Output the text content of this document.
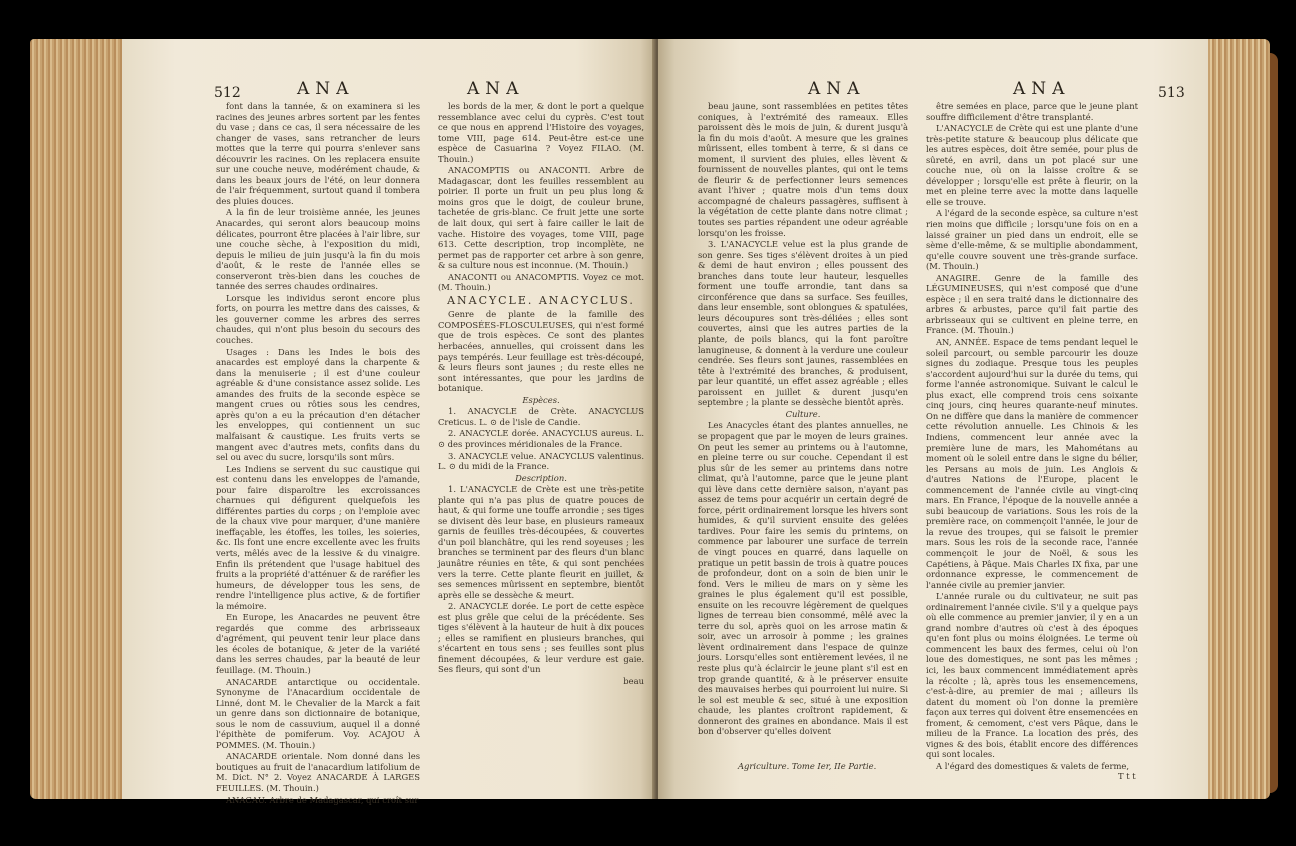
512	ANA	ANA

font dans la tannée, & on examinera si les racines des jeunes arbres sortent par les fentes du vase ; dans ce cas, il sera nécessaire de les changer de vases, sans retrancher de leurs mottes que la terre qui pourra s'enlever sans découvrir les racines. On les replacera ensuite sur une couche neuve, modérément chaude, & dans les beaux jours de l'été, on leur donnera de l'air fréquemment, surtout quand il tombera des pluies douces.

A la fin de leur troisième année, les jeunes Anacardes, qui seront alors beaucoup moins délicates, pourront être placées à l'air libre, sur une couche sèche, à l'exposition du midi, depuis le milieu de juin jusqu'à la fin du mois d'août, & le reste de l'année elles se conserveront très-bien dans les couches de tannée des serres chaudes ordinaires.

Lorsque les individus seront encore plus forts, on pourra les mettre dans des caisses, & les gouverner comme les arbres des serres chaudes, qui n'ont plus besoin du secours des couches.

Usages : Dans les Indes le bois des anacardes est employé dans la charpente & dans la menuiserie ; il est d'une couleur agréable & d'une consistance assez solide. Les amandes des fruits de la seconde espèce se mangent crues ou rôties sous les cendres, après qu'on a eu la précaution d'en détacher les enveloppes, qui contiennent un suc malfaisant & caustique. Les fruits verts se mangent avec d'autres mets, confits dans du sel ou avec du sucre, lorsqu'ils sont mûrs.

Les Indiens se servent du suc caustique qui est contenu dans les enveloppes de l'amande, pour faire disparoître les excroissances charnues qui défigurent quelquefois les différentes parties du corps ; on l'emploie avec de la chaux vive pour marquer, d'une manière ineffaçable, les étoffes, les toiles, les soieries, &c. Ils font une encre excellente avec les fruits verts, mêlés avec de la lessive & du vinaigre. Enfin ils prétendent que l'usage habituel des fruits a la propriété d'atténuer & de raréfier les humeurs, de développer tous les sens, de rendre l'intelligence plus active, & de fortifier la mémoire.

En Europe, les Anacardes ne peuvent être regardés que comme des arbrisseaux d'agrément, qui peuvent tenir leur place dans les écoles de botanique, & jeter de la variété dans les serres chaudes, par la beauté de leur feuillage. (M. Thouin.)

ANACARDE antarctique ou occidentale. Synonyme de l'Anacardium occidentale de Linné, dont M. le Chevalier de la Marck a fait un genre dans son dictionnaire de botanique, sous le nom de cassuvium, auquel il a donné l'épithète de pomiferum. Voy. ACAJOU À POMMES. (M. Thouin.)

ANACARDE orientale. Nom donné dans les boutiques au fruit de l'anacardium latifolium de M. Dict. N° 2. Voyez ANACARDE À LARGES FEUILLES. (M. Thouin.)

ANACAU. Arbre de Madagascar, qui croît sur

les bords de la mer, & dont le port a quelque ressemblance avec celui du cyprès. C'est tout ce que nous en apprend l'Histoire des voyages, tome VIII, page 614. Peut-être est-ce une espèce de Casuarina ? Voyez FILAO. (M. Thouin.)

ANACOMPTIS ou ANACONTI. Arbre de Madagascar, dont les feuilles ressemblent au poirier. Il porte un fruit un peu plus long & moins gros que le doigt, de couleur brune, tachetée de gris-blanc. Ce fruit jette une sorte de lait doux, qui sert à faire cailler le lait de vache. Histoire des voyages, tome VIII, page 613. Cette description, trop incomplète, ne permet pas de rapporter cet arbre à son genre, & sa culture nous est inconnue. (M. Thouin.)

ANACONTI ou ANACOMPTIS. Voyez ce mot. (M. Thouin.)

ANACYCLE. ANACYCLUS.

Genre de plante de la famille des COMPOSÉES-FLOSCULEUSES, qui n'est formé que de trois espèces. Ce sont des plantes herbacées, annuelles, qui croissent dans les pays tempérés. Leur feuillage est très-découpé, & leurs fleurs sont jaunes ; du reste elles ne sont intéressantes, que pour les jardins de botanique.

Espèces.

1. ANACYCLE de Crète. ANACYCLUS Creticus. L. ⊙ de l'isle de Candie.

2. ANACYCLE dorée. ANACYCLUS aureus. L. ⊙ des provinces méridionales de la France.

3. ANACYCLE velue. ANACYCLUS valentinus. L. ⊙ du midi de la France.

Description.

1. L'ANACYCLE de Crète est une très-petite plante qui n'a pas plus de quatre pouces de haut, & qui forme une touffe arrondie ; ses tiges se divisent dès leur base, en plusieurs rameaux garnis de feuilles très-découpées, & couvertes d'un poil blanchâtre, qui les rend soyeuses ; les branches se terminent par des fleurs d'un blanc jaunâtre réunies en tête, & qui sont penchées vers la terre. Cette plante fleurit en juillet, & ses semences mûrissent en septembre, bientôt après elle se dessèche & meurt.

2. ANACYCLE dorée. Le port de cette espèce est plus grêle que celui de la précédente. Ses tiges s'élèvent à la hauteur de huit à dix pouces ; elles se ramifient en plusieurs branches, qui s'écartent en tous sens ; ses feuilles sont plus finement découpées, & leur verdure est gaie. Ses fleurs, qui sont d'un

beau

ANA	ANA	513

beau jaune, sont rassemblées en petites têtes coniques, à l'extrémité des rameaux. Elles paroissent dès le mois de juin, & durent jusqu'à la fin du mois d'août. A mesure que les graines mûrissent, elles tombent à terre, & si dans ce moment, il survient des pluies, elles lèvent & fournissent de nouvelles plantes, qui ont le tems de fleurir & de perfectionner leurs semences avant l'hiver ; quatre mois d'un tems doux accompagné de chaleurs passagères, suffisent à la végétation de cette plante dans notre climat ; toutes ses parties répandent une odeur agréable lorsqu'on les froisse.

3. L'ANACYCLE velue est la plus grande de son genre. Ses tiges s'élèvent droites à un pied & demi de haut environ ; elles poussent des branches dans toute leur hauteur, lesquelles forment une touffe arrondie, tant dans sa circonférence que dans sa surface. Ses feuilles, dans leur ensemble, sont oblongues & spatulées, leurs découpures sont très-déliées ; elles sont couvertes, ainsi que les autres parties de la plante, de poils blancs, qui la font paroître lanugineuse, & donnent à la verdure une couleur cendrée. Ses fleurs sont jaunes, rassemblées en tête à l'extrémité des branches, & produisent, par leur quantité, un effet assez agréable ; elles paroissent en juillet & durent jusqu'en septembre ; la plante se dessèche bientôt après.

Culture.

Les Anacycles étant des plantes annuelles, ne se propagent que par le moyen de leurs graines. On peut les semer au printems ou à l'automne, en pleine terre ou sur couche. Cependant il est plus sûr de les semer au printems dans notre climat, qu'à l'automne, parce que le jeune plant qui lève dans cette dernière saison, n'ayant pas assez de tems pour acquérir un certain degré de force, périt ordinairement lorsque les hivers sont humides, & qu'il survient ensuite des gelées tardives. Pour faire les semis du printems, on commence par labourer une surface de terrein de vingt pouces en quarré, dans laquelle on pratique un petit bassin de trois à quatre pouces de profondeur, dont on a soin de bien unir le fond. Vers le milieu de mars on y sème les graines le plus également qu'il est possible, ensuite on les recouvre légèrement de quelques lignes de terreau bien consommé, mêlé avec la terre du sol, après quoi on les arrose matin & soir, avec un arrosoir à pomme ; les graines lèvent ordinairement dans l'espace de quinze jours. Lorsqu'elles sont entièrement levées, il ne reste plus qu'à éclaircir le jeune plant s'il est en trop grande quantité, & à le préserver ensuite des mauvaises herbes qui pourroient lui nuire. Si le sol est meuble & sec, situé à une exposition chaude, les plantes croîtront rapidement, & donneront des graines en abondance. Mais il est bon d'observer qu'elles doivent

Agriculture. Tome Ier, IIe Partie.

être semées en place, parce que le jeune plant souffre difficilement d'être transplanté.

L'ANACYCLE de Crète qui est une plante d'une très-petite stature & beaucoup plus délicate que les autres espèces, doit être semée, pour plus de sûreté, en avril, dans un pot placé sur une couche nue, où on la laisse croître & se développer ; lorsqu'elle est prête à fleurir, on la met en pleine terre avec la motte dans laquelle elle se trouve.

A l'égard de la seconde espèce, sa culture n'est rien moins que difficile ; lorsqu'une fois on en a laissé grainer un pied dans un endroit, elle se sème d'elle-même, & se multiplie abondamment, qu'elle couvre souvent une très-grande surface. (M. Thouin.)

ANAGIRE. Genre de la famille des LÉGUMINEUSES, qui n'est composé que d'une espèce ; il en sera traité dans le dictionnaire des arbres & arbustes, parce qu'il fait partie des arbrisseaux qui se cultivent en pleine terre, en France. (M. Thouin.)

AN, ANNÉE. Espace de tems pendant lequel le soleil parcourt, ou semble parcourir les douze signes du zodiaque. Presque tous les peuples s'accordent aujourd'hui sur la durée du tems, qui forme l'année astronomique. Suivant le calcul le plus exact, elle comprend trois cens soixante cinq jours, cinq heures quarante-neuf minutes. On ne diffère que dans la manière de commencer cette révolution annuelle. Les Chinois & les Indiens, commencent leur année avec la première lune de mars, les Mahométans au moment où le soleil entre dans le signe du bélier, les Persans au mois de juin. Les Anglois & d'autres Nations de l'Europe, placent le commencement de l'année civile au vingt-cinq mars. En France, l'époque de la nouvelle année a subi beaucoup de variations. Sous les rois de la première race, on commençoit l'année, le jour de la revue des troupes, qui se faisoit le premier mars. Sous les rois de la seconde race, l'année commençoit le jour de Noël, & sous les Capétiens, à Pâque. Mais Charles IX fixa, par une ordonnance expresse, le commencement de l'année civile au premier janvier.

L'année rurale ou du cultivateur, ne suit pas ordinairement l'année civile. S'il y a quelque pays où elle commence au premier janvier, il y en a un grand nombre d'autres où c'est à des époques qu'en font plus ou moins éloignées. Le terme où commencent les baux des fermes, celui où l'on loue des domestiques, ne sont pas les mêmes ; ici, les baux commencent immédiatement après la récolte ; là, après tous les ensemencemens, c'est-à-dire, au premier de mai ; ailleurs ils datent du moment où l'on donne la première façon aux terres qui doivent être ensemencées en froment, & cemoment, c'est vers Pâque, dans le milieu de la France. La location des prés, des vignes & des bois, établit encore des différences qui sont locales.

A l'égard des domestiques & valets de ferme,

T t t
